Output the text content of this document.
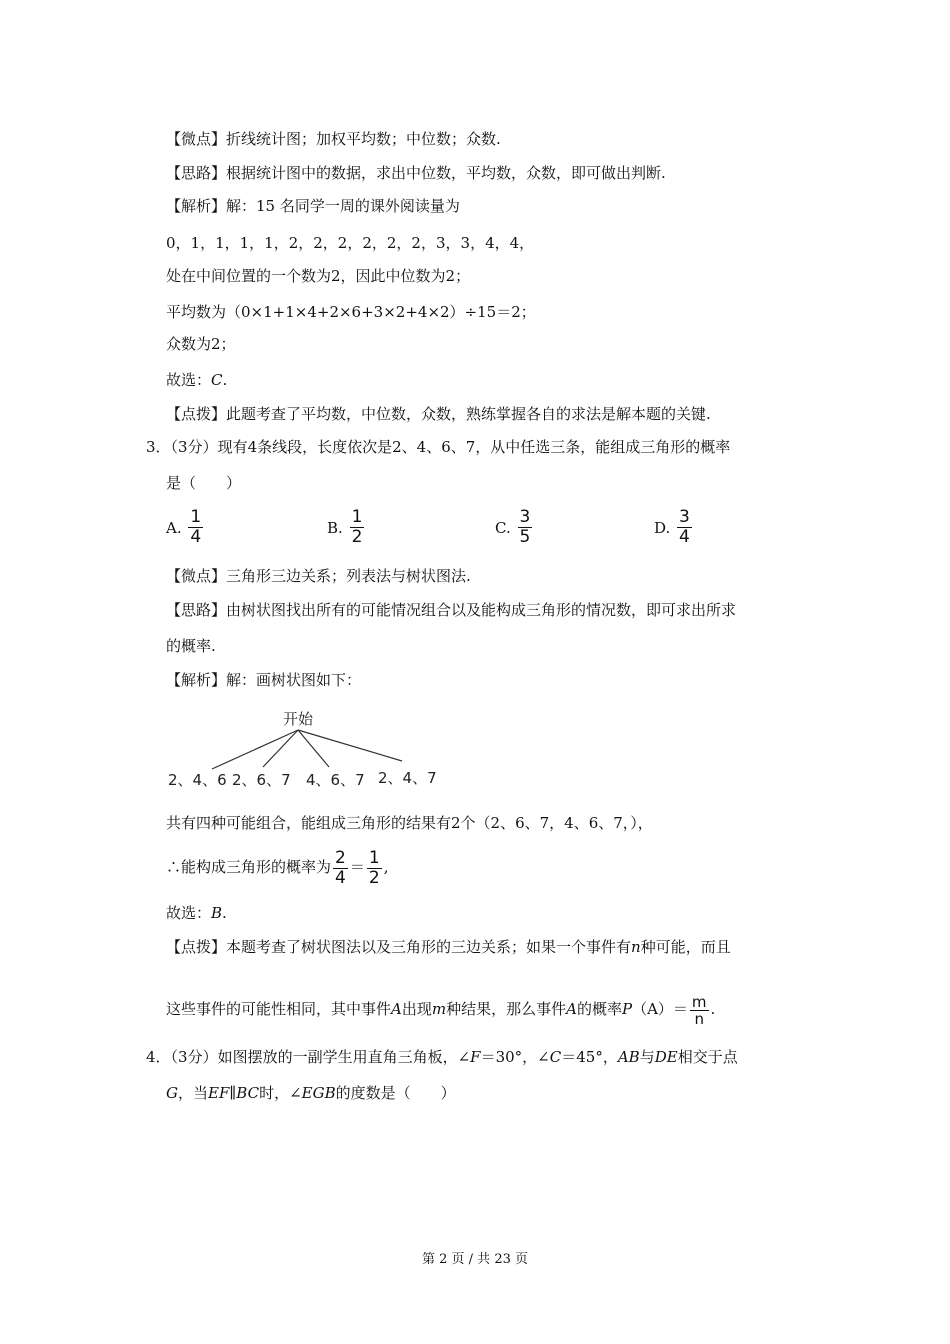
【微点】折线统计图；加权平均数；中位数；众数.
【思路】根据统计图中的数据，求出中位数，平均数，众数，即可做出判断.
【解析】解：15 名同学一周的课外阅读量为
0，1，1，1，1，2，2，2，2，2，2，3，3，4，4，
处在中间位置的一个数为2，因此中位数为2；
平均数为（0×1+1×4+2×6+3×2+4×2）÷15＝2；
众数为2；
故选：C.
【点拨】此题考查了平均数，中位数，众数，熟练掌握各自的求法是解本题的关键.
3．（3分）现有4条线段，长度依次是2、4、6、7，从中任选三条，能组成三角形的概率
是（　　）
A. $\frac{1}{4}$	B. $\frac{1}{2}$	C. $\frac{3}{5}$	D. $\frac{3}{4}$
【微点】三角形三边关系；列表法与树状图法.
【思路】由树状图找出所有的可能情况组合以及能构成三角形的情况数，即可求出所求
的概率.
【解析】解：画树状图如下：
开始
2、4、6 2、6、7 4、6、7 2、4、7
共有四种可能组合，能组成三角形的结果有2个（2、6、7，4、6、7，），
∴能构成三角形的概率为 $\frac{2}{4} = \frac{1}{2}$ ,
故选：B.
【点拨】本题考查了树状图法以及三角形的三边关系；如果一个事件有n种可能，而且
这些事件的可能性相同，其中事件A出现m种结果，那么事件A的概率$P(A)= \frac{m}{n}$ .
4．（3分）如图摆放的一副学生用直角三角板，∠F＝30°，∠C＝45°，AB与DE相交于点
G，当EF∥BC时，∠EGB的度数是（　　）
第 2 页 / 共 23 页
